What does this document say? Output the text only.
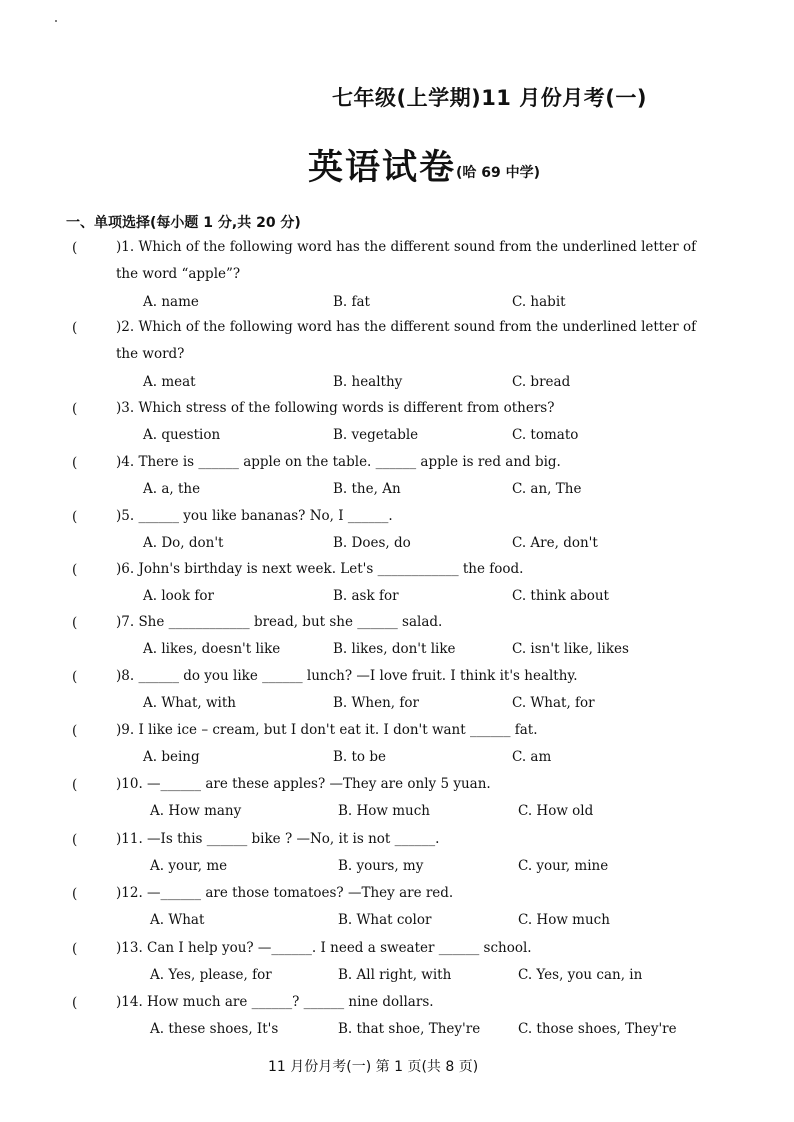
七年级(上学期)11 月份月考(一)
英语试卷(哈 69 中学)
一、单项选择(每小题 1 分,共 20 分)
(	)1. Which of the following word has the different sound from the underlined letter of the word “apple”?
A. name	B. fat	C. habit
(	)2. Which of the following word has the different sound from the underlined letter of the word?
A. meat	B. healthy	C. bread
(	)3. Which stress of the following words is different from others?
A. question	B. vegetable	C. tomato
(	)4. There is ______ apple on the table. ______ apple is red and big.
A. a, the	B. the, An	C. an, The
(	)5. ______ you like bananas? No, I ______.
A. Do, don't	B. Does, do	C. Are, don't
(	)6. John's birthday is next week. Let's ____________ the food.
A. look for	B. ask for	C. think about
(	)7. She ____________ bread, but she ______ salad.
A. likes, doesn't like	B. likes, don't like	C. isn't like, likes
(	)8. ______ do you like ______ lunch? —I love fruit. I think it's healthy.
A. What, with	B. When, for	C. What, for
(	)9. I like ice – cream, but I don't eat it. I don't want ______ fat.
A. being	B. to be	C. am
(	)10. —______ are these apples? —They are only 5 yuan.
A. How many	B. How much	C. How old
(	)11. —Is this ______ bike ? —No, it is not ______.
A. your, me	B. yours, my	C. your, mine
(	)12. —______ are those tomatoes? —They are red.
A. What	B. What color	C. How much
(	)13. Can I help you? —______. I need a sweater ______ school.
A. Yes, please, for	B. All right, with	C. Yes, you can, in
(	)14. How much are ______? ______ nine dollars.
A. these shoes, It's	B. that shoe, They're	C. those shoes, They're
11 月份月考(一) 第 1 页(共 8 页)
